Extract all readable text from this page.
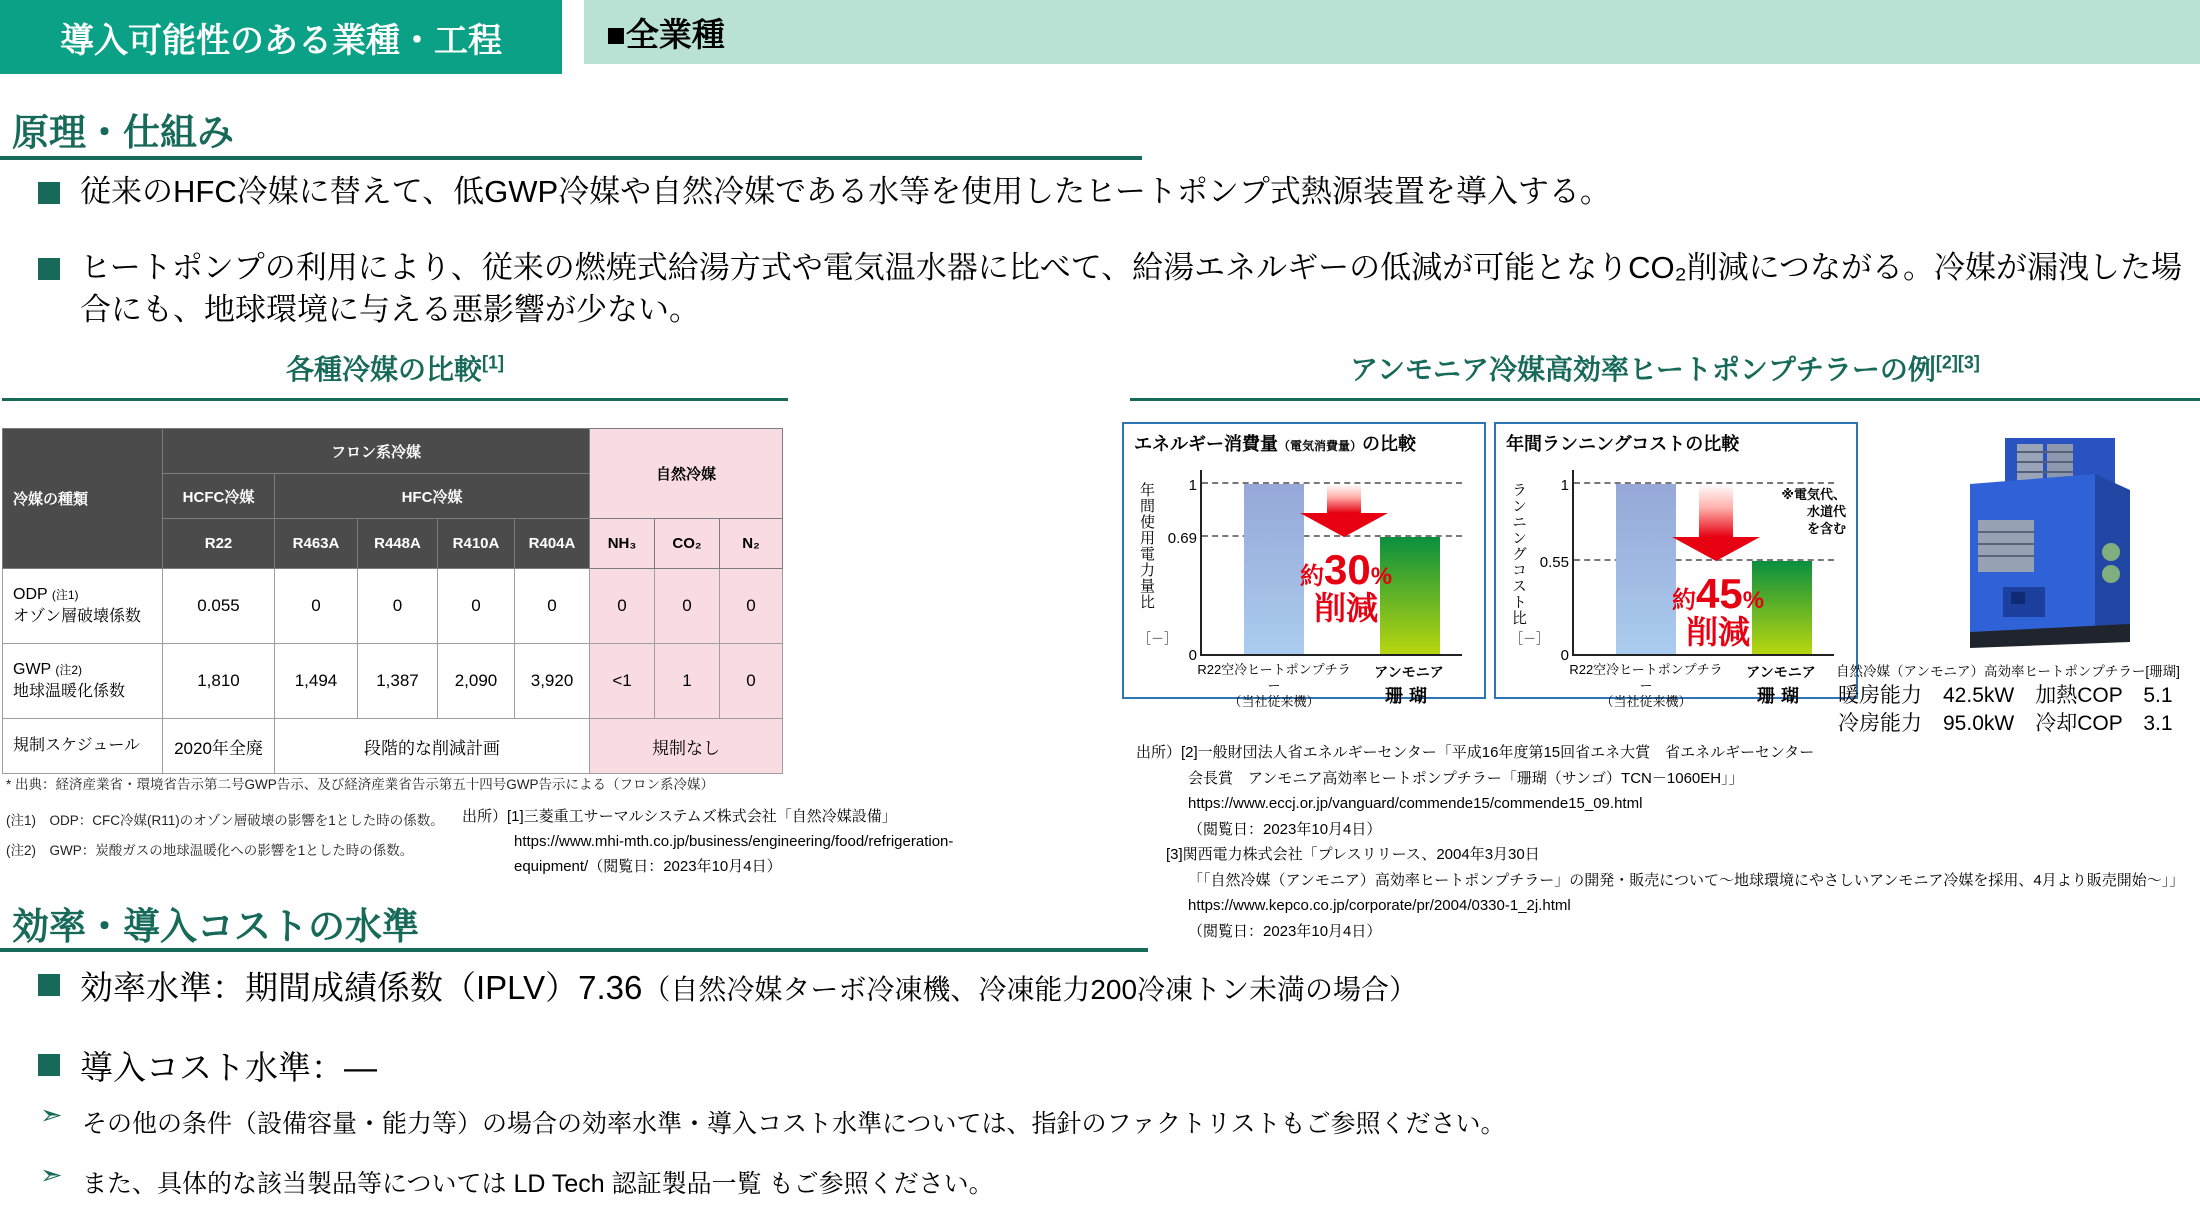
導入可能性のある業種・工程	■全業種
原理・仕組み
従来のHFC冷媒に替えて、低GWP冷媒や自然冷媒である水等を使用したヒートポンプ式熱源装置を導入する。
ヒートポンプの利用により、従来の燃焼式給湯方式や電気温水器に比べて、給湯エネルギーの低減が可能となりCO₂削減につながる。冷媒が漏洩した場合にも、地球環境に与える悪影響が少ない。
各種冷媒の比較[1]
冷媒の種類	フロン系冷媒					自然冷媒		
	HCFC冷媒	HFC冷媒						
	R22	R463A	R448A	R410A	R404A	NH₃	CO₂	N₂
ODP (注1)
オゾン層破壊係数	0.055	0	0	0	0	0	0	0
GWP (注2)
地球温暖化係数	1,810	1,494	1,387	2,090	3,920	<1	1	0
規制スケジュール	2020年全廃	段階的な削減計画				規制なし		
* 出典：経済産業省・環境省告示第二号GWP告示、及び経済産業省告示第五十四号GWP告示による（フロン系冷媒）
(注1)　ODP：CFC冷媒(R11)のオゾン層破壊の影響を1とした時の係数。
(注2)　GWP：炭酸ガスの地球温暖化への影響を1とした時の係数。
出所）[1]三菱重工サーマルシステムズ株式会社「自然冷媒設備」
https://www.mhi-mth.co.jp/business/engineering/food/refrigeration-
equipment/（閲覧日：2023年10月4日）
アンモニア冷媒高効率ヒートポンプチラーの例[2][3]
エネルギー消費量（電気消費量）の比較
年間使用電力量比
［－］
約30%
削減
R22空冷ヒートポンプチラー
（当社従来機）
アンモニア
珊瑚
0
0.69
1
年間ランニングコストの比較
ランニングコスト比
［－］
※電気代、
水道代
を含む
約45%
削減
R22空冷ヒートポンプチラー
（当社従来機）
アンモニア
珊瑚
0
0.55
1
自然冷媒（アンモニア）高効率ヒートポンプチラー[珊瑚]
暖房能力　42.5kW　加熱COP　5.1
冷房能力　95.0kW　冷却COP　3.1
出所）[2]一般財団法人省エネルギーセンター「平成16年度第15回省エネ大賞　省エネルギーセンター
会長賞　アンモニア高効率ヒートポンプチラー「珊瑚（サンゴ）TCN－1060EH」」
https://www.eccj.or.jp/vanguard/commende15/commende15_09.html
（閲覧日：2023年10月4日）
[3]関西電力株式会社「プレスリリース、2004年3月30日
「「自然冷媒（アンモニア）高効率ヒートポンプチラー」の開発・販売について～地球環境にやさしいアンモニア冷媒を採用、4月より販売開始～」」
https://www.kepco.co.jp/corporate/pr/2004/0330-1_2j.html
（閲覧日：2023年10月4日）
効率・導入コストの水準
効率水準：期間成績係数（IPLV）7.36（自然冷媒ターボ冷凍機、冷凍能力200冷凍トン未満の場合）
導入コスト水準：―
➣ その他の条件（設備容量・能力等）の場合の効率水準・導入コスト水準については、指針のファクトリストもご参照ください。
➣ また、具体的な該当製品等については LD Tech 認証製品一覧 もご参照ください。
